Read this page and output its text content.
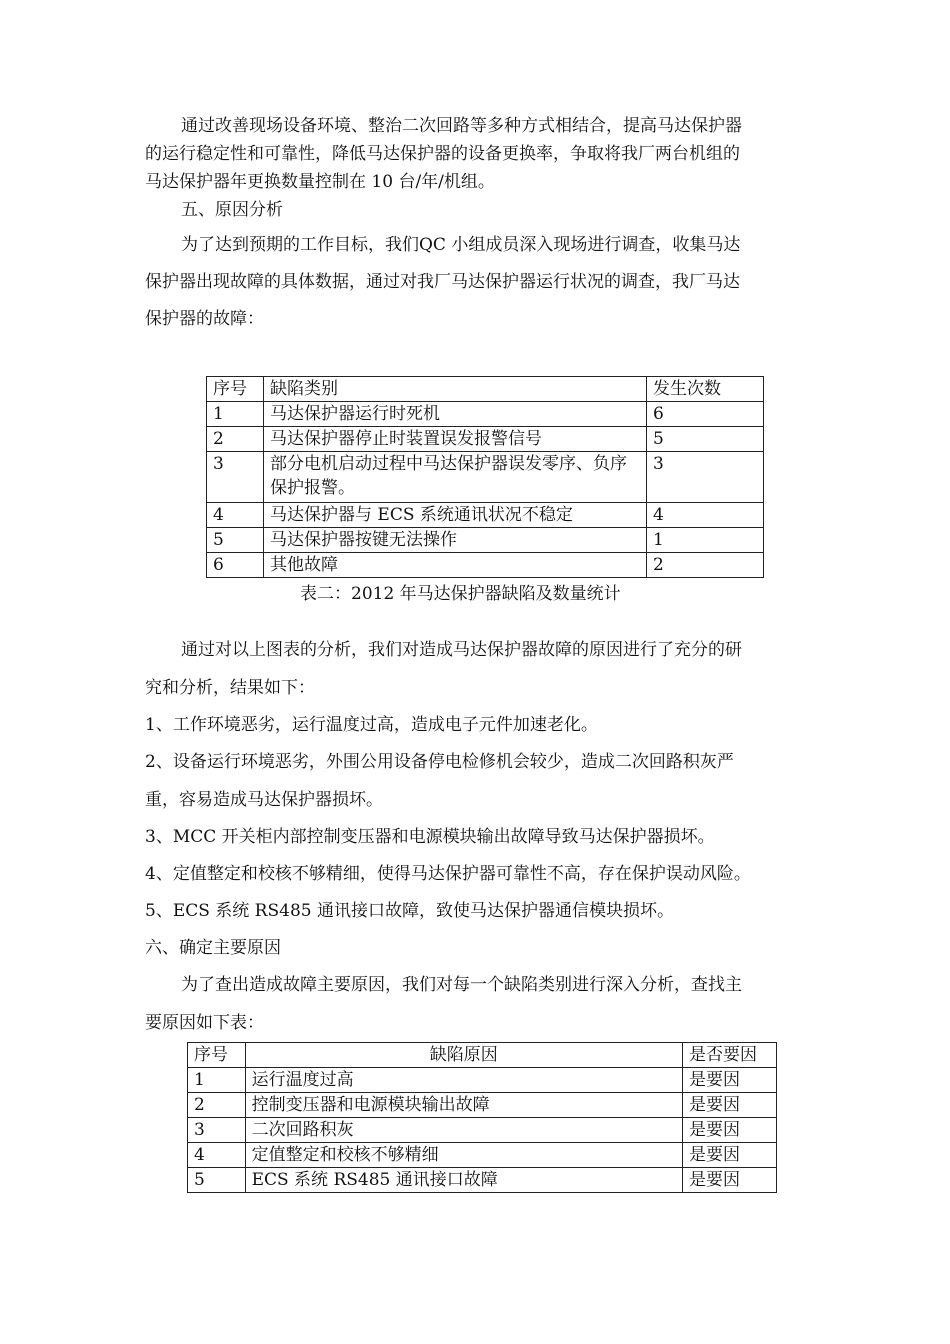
通过改善现场设备环境、整治二次回路等多种方式相结合，提高马达保护器
的运行稳定性和可靠性，降低马达保护器的设备更换率，争取将我厂两台机组的
马达保护器年更换数量控制在 10 台/年/机组。
五、原因分析
为了达到预期的工作目标，我们QC 小组成员深入现场进行调查，收集马达
保护器出现故障的具体数据，通过对我厂马达保护器运行状况的调查，我厂马达
保护器的故障：
序号	缺陷类别	发生次数
1	马达保护器运行时死机	6
2	马达保护器停止时装置误发报警信号	5
3	部分电机启动过程中马达保护器误发零序、负序保护报警。	3
4	马达保护器与 ECS 系统通讯状况不稳定	4
5	马达保护器按键无法操作	1
6	其他故障	2
表二：2012 年马达保护器缺陷及数量统计
通过对以上图表的分析，我们对造成马达保护器故障的原因进行了充分的研
究和分析，结果如下：
1、工作环境恶劣，运行温度过高，造成电子元件加速老化。
2、设备运行环境恶劣，外围公用设备停电检修机会较少，造成二次回路积灰严
重，容易造成马达保护器损坏。
3、MCC 开关柜内部控制变压器和电源模块输出故障导致马达保护器损坏。
4、定值整定和校核不够精细，使得马达保护器可靠性不高，存在保护误动风险。
5、ECS 系统 RS485 通讯接口故障，致使马达保护器通信模块损坏。
六、确定主要原因
为了查出造成故障主要原因，我们对每一个缺陷类别进行深入分析，查找主
要原因如下表：
序号	缺陷原因	是否要因
1	运行温度过高	是要因
2	控制变压器和电源模块输出故障	是要因
3	二次回路积灰	是要因
4	定值整定和校核不够精细	是要因
5	ECS 系统 RS485 通讯接口故障	是要因
